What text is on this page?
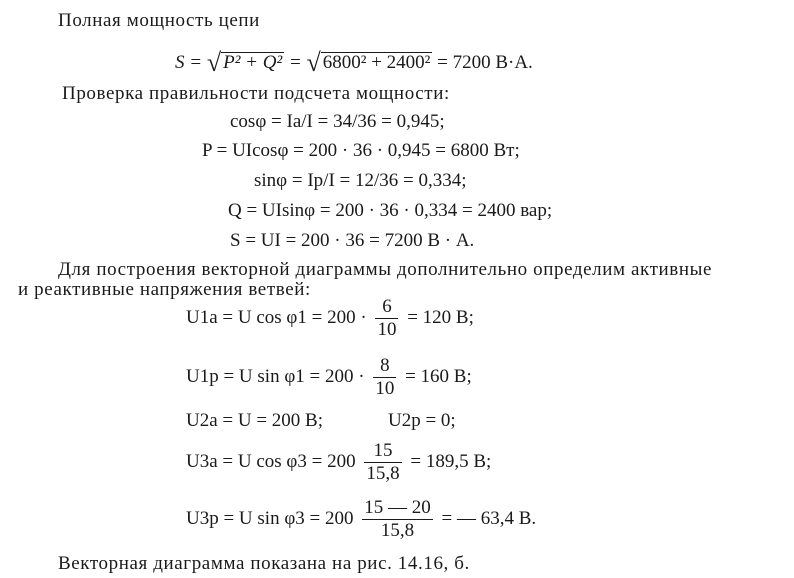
Полная мощность цепи
S = √ P² + Q² = √ 6800² + 2400² = 7200 В·А.
Проверка правильности подсчета мощности:
cosφ = Iа/I = 34/36 = 0,945;
P = UIcosφ = 200 · 36 · 0,945 = 6800 Вт;
sinφ = Iр/I = 12/36 = 0,334;
Q = UIsinφ = 200 · 36 · 0,334 = 2400 вар;
S = UI = 200 · 36 = 7200 В · А.
Для построения векторной диаграммы дополнительно определим активные
и реактивные напряжения ветвей:
U1a = U $\cos \varphi 1 = 200 \cdot \frac{6}{10} = 120$ В;
U1p = U $\sin \varphi 1 = 200 \cdot \frac{8}{10} = 160$ В;
U2a = U = 200 В;	U2p = 0;
U3a = U $\cos \varphi 3 = 200 \frac{15}{15,8} = 189,5$ В;
U3p = U $\sin \varphi 3 = 200 \frac{15 — 20}{15,8}$ = — 63,4 В.
Векторная диаграмма показана на рис. 14.16, б.
